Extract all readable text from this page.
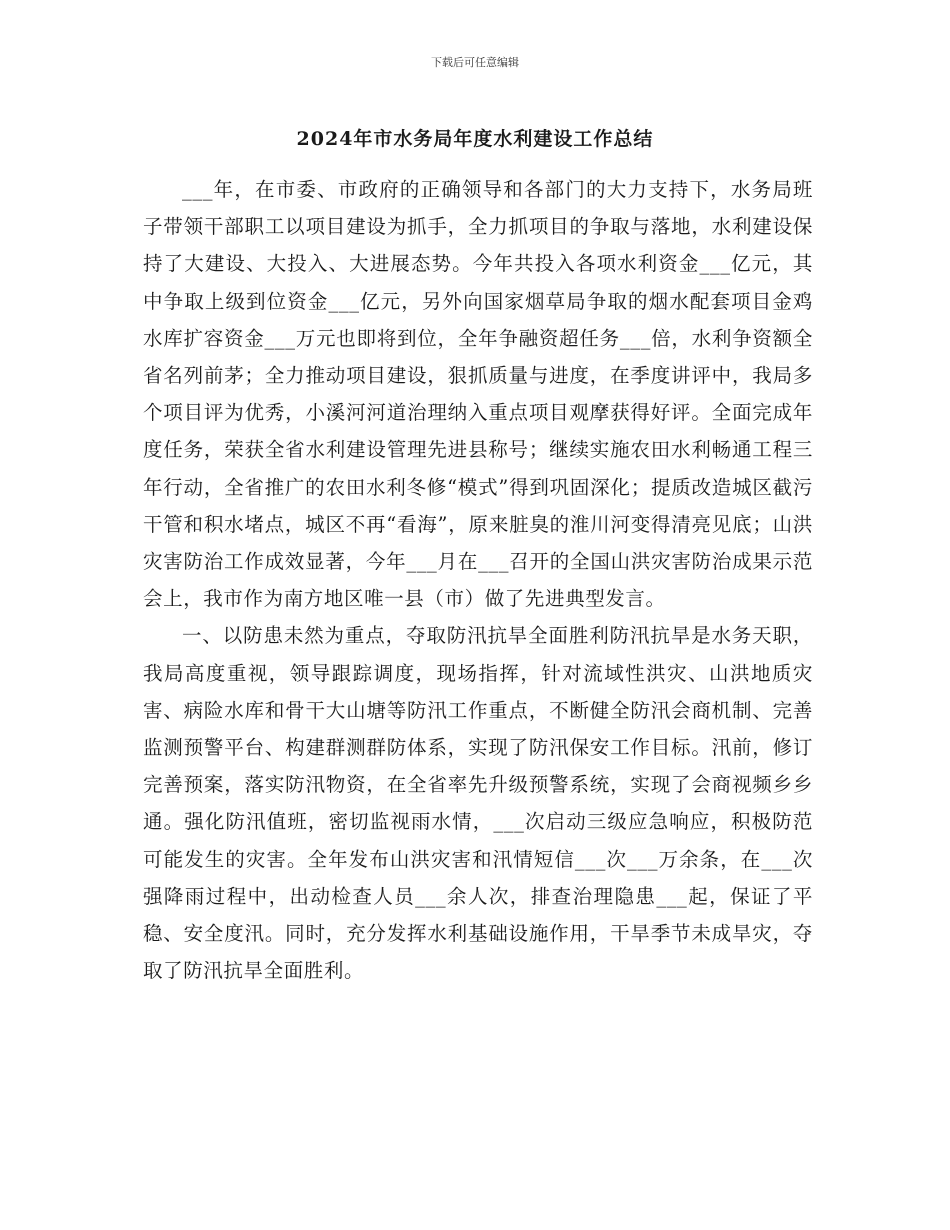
下载后可任意编辑
2024年市水务局年度水利建设工作总结

___年，在市委、市政府的正确领导和各部门的大力支持下，水务局班子带领干部职工以项目建设为抓手，全力抓项目的争取与落地，水利建设保持了大建设、大投入、大进展态势。今年共投入各项水利资金___亿元，其中争取上级到位资金___亿元，另外向国家烟草局争取的烟水配套项目金鸡水库扩容资金___万元也即将到位，全年争融资超任务___倍，水利争资额全省名列前茅；全力推动项目建设，狠抓质量与进度，在季度讲评中，我局多个项目评为优秀，小溪河河道治理纳入重点项目观摩获得好评。全面完成年度任务，荣获全省水利建设管理先进县称号；继续实施农田水利畅通工程三年行动，全省推广的农田水利冬修“模式”得到巩固深化；提质改造城区截污干管和积水堵点，城区不再“看海”，原来脏臭的淮川河变得清亮见底；山洪灾害防治工作成效显著，今年___月在___召开的全国山洪灾害防治成果示范会上，我市作为南方地区唯一县（市）做了先进典型发言。

一、以防患未然为重点，夺取防汛抗旱全面胜利防汛抗旱是水务天职，我局高度重视，领导跟踪调度，现场指挥，针对流域性洪灾、山洪地质灾害、病险水库和骨干大山塘等防汛工作重点，不断健全防汛会商机制、完善监测预警平台、构建群测群防体系，实现了防汛保安工作目标。汛前，修订完善预案，落实防汛物资，在全省率先升级预警系统，实现了会商视频乡乡通。强化防汛值班，密切监视雨水情，___次启动三级应急响应，积极防范可能发生的灾害。全年发布山洪灾害和汛情短信___次___万余条，在___次强降雨过程中，出动检查人员___余人次，排查治理隐患___起，保证了平稳、安全度汛。同时，充分发挥水利基础设施作用，干旱季节未成旱灾，夺取了防汛抗旱全面胜利。
